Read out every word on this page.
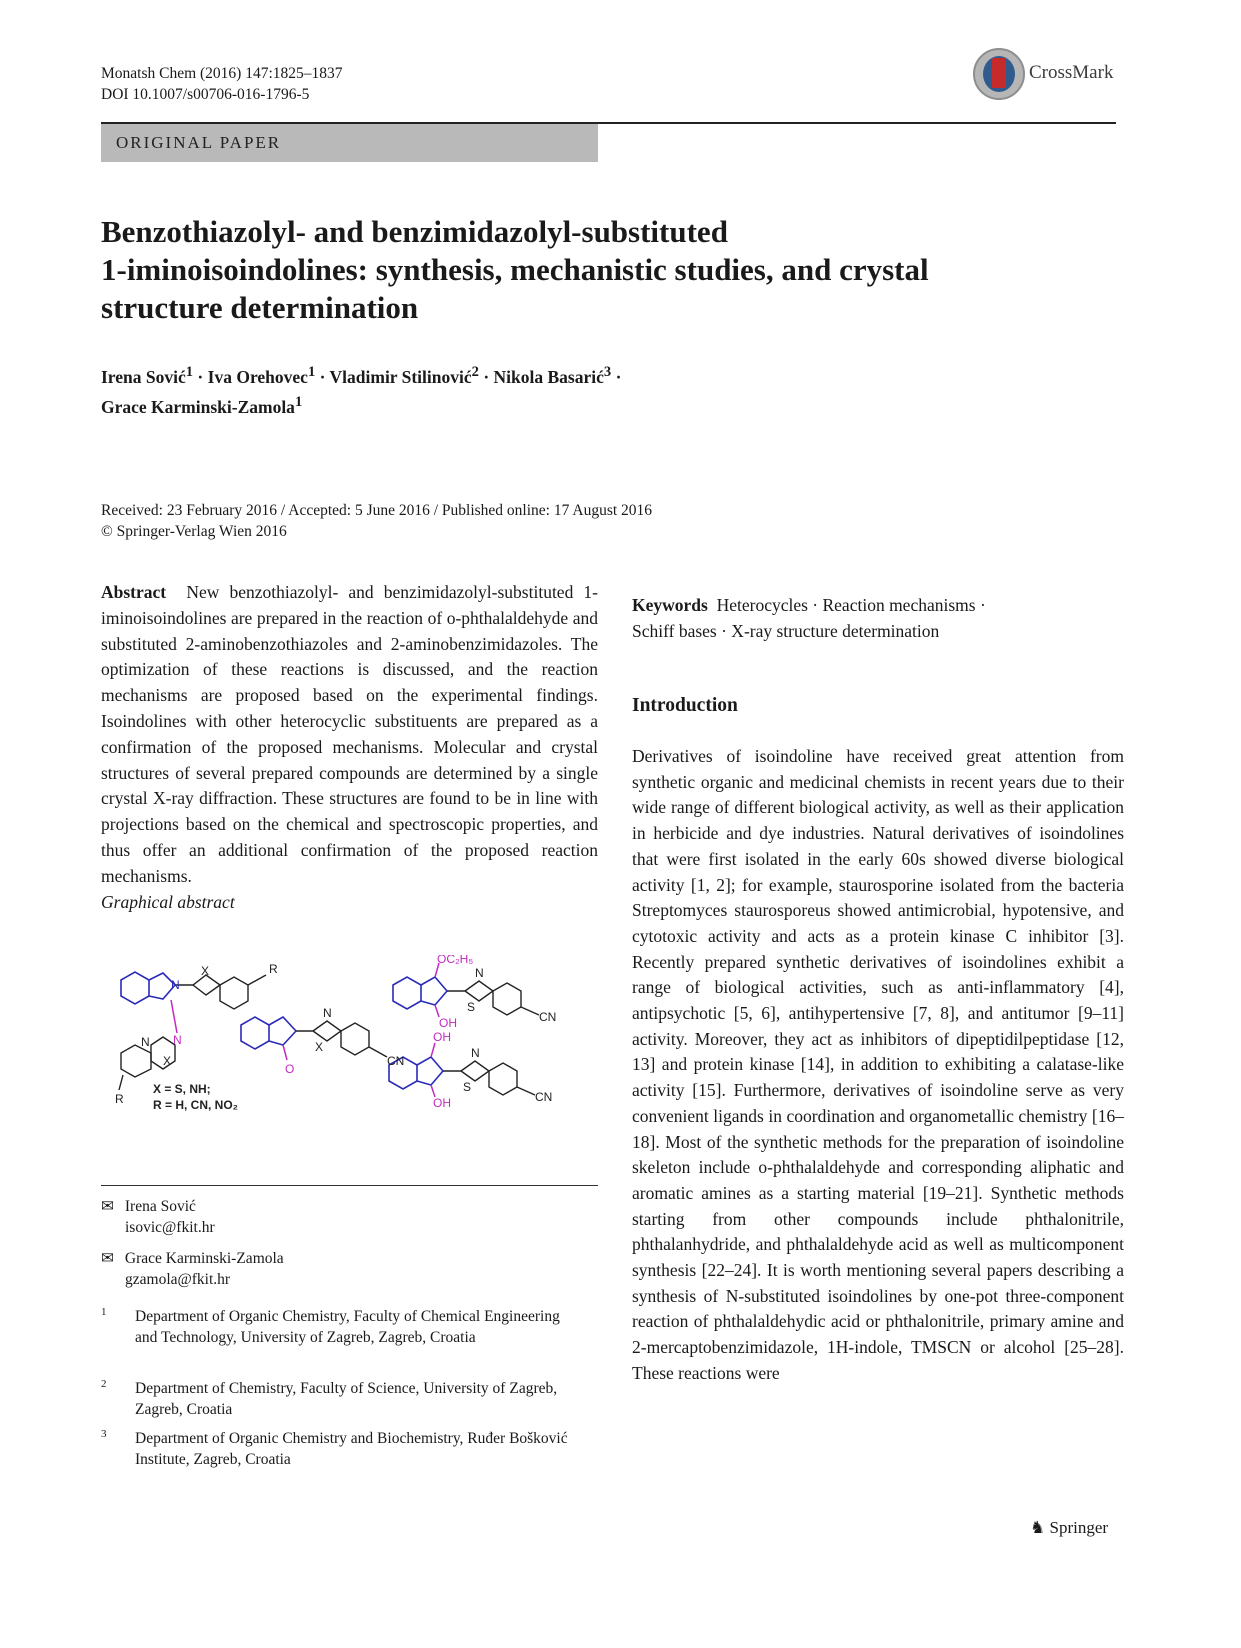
Monatsh Chem (2016) 147:1825–1837
DOI 10.1007/s00706-016-1796-5
CrossMark
ORIGINAL PAPER
Benzothiazolyl- and benzimidazolyl-substituted
1-iminoisoindolines: synthesis, mechanistic studies, and crystal
structure determination
Irena Sović$^1$ · Iva Orehovec$^1$ · Vladimir Stilinović$^2$ · Nikola Basarić$^3$ ·
Grace Karminski-Zamola$^1$
Received: 23 February 2016 / Accepted: 5 June 2016 / Published online: 17 August 2016
© Springer-Verlag Wien 2016

Abstract New benzothiazolyl- and benzimidazolyl-substituted 1-iminoisoindolines are prepared in the reaction of o-phthalaldehyde and substituted 2-aminobenzothiazoles and 2-aminobenzimidazoles. The optimization of these reactions is discussed, and the reaction mechanisms are proposed based on the experimental findings. Isoindolines with other heterocyclic substituents are prepared as a confirmation of the proposed mechanisms. Molecular and crystal structures of several prepared compounds are determined by a single crystal X-ray diffraction. These structures are found to be in line with projections based on the chemical and spectroscopic properties, and thus offer an additional confirmation of the proposed reaction mechanisms.

Graphical abstract

X	R
N
N
N
X
R
O
N
X
CN
OC₂H₅
OH
N
S
CN
OH
OH
N
S
CN
X = S, NH;
R = H, CN, NO₂
Keywords Heterocycles · Reaction mechanisms ·
Schiff bases · X-ray structure determination
Introduction

Derivatives of isoindoline have received great attention from synthetic organic and medicinal chemists in recent years due to their wide range of different biological activity, as well as their application in herbicide and dye industries. Natural derivatives of isoindolines that were first isolated in the early 60s showed diverse biological activity [1, 2]; for example, staurosporine isolated from the bacteria Streptomyces staurosporeus showed antimicrobial, hypotensive, and cytotoxic activity and acts as a protein kinase C inhibitor [3]. Recently prepared synthetic derivatives of isoindolines exhibit a range of biological activities, such as anti-inflammatory [4], antipsychotic [5, 6], antihypertensive [7, 8], and antitumor [9–11] activity. Moreover, they act as inhibitors of dipeptidilpeptidase [12, 13] and protein kinase [14], in addition to exhibiting a calatase-like activity [15]. Furthermore, derivatives of isoindoline serve as very convenient ligands in coordination and organometallic chemistry [16–18]. Most of the synthetic methods for the preparation of isoindoline skeleton include o-phthalaldehyde and corresponding aliphatic and aromatic amines as a starting material [19–21]. Synthetic methods starting from other compounds include phthalonitrile, phthalanhydride, and phthalaldehyde acid as well as multicomponent synthesis [22–24]. It is worth mentioning several papers describing a synthesis of N-substituted isoindolines by one-pot three-component reaction of phthalaldehydic acid or phthalonitrile, primary amine and 2-mercaptobenzimidazole, 1H-indole, TMSCN or alcohol [25–28]. These reactions were

✉ Irena Sović
isovic@fkit.hr
✉ Grace Karminski-Zamola
gzamola@fkit.hr
1 Department of Organic Chemistry, Faculty of Chemical Engineering and Technology, University of Zagreb, Zagreb, Croatia
2 Department of Chemistry, Faculty of Science, University of Zagreb, Zagreb, Croatia
3 Department of Organic Chemistry and Biochemistry, Ruđer Bošković Institute, Zagreb, Croatia
♞ Springer
